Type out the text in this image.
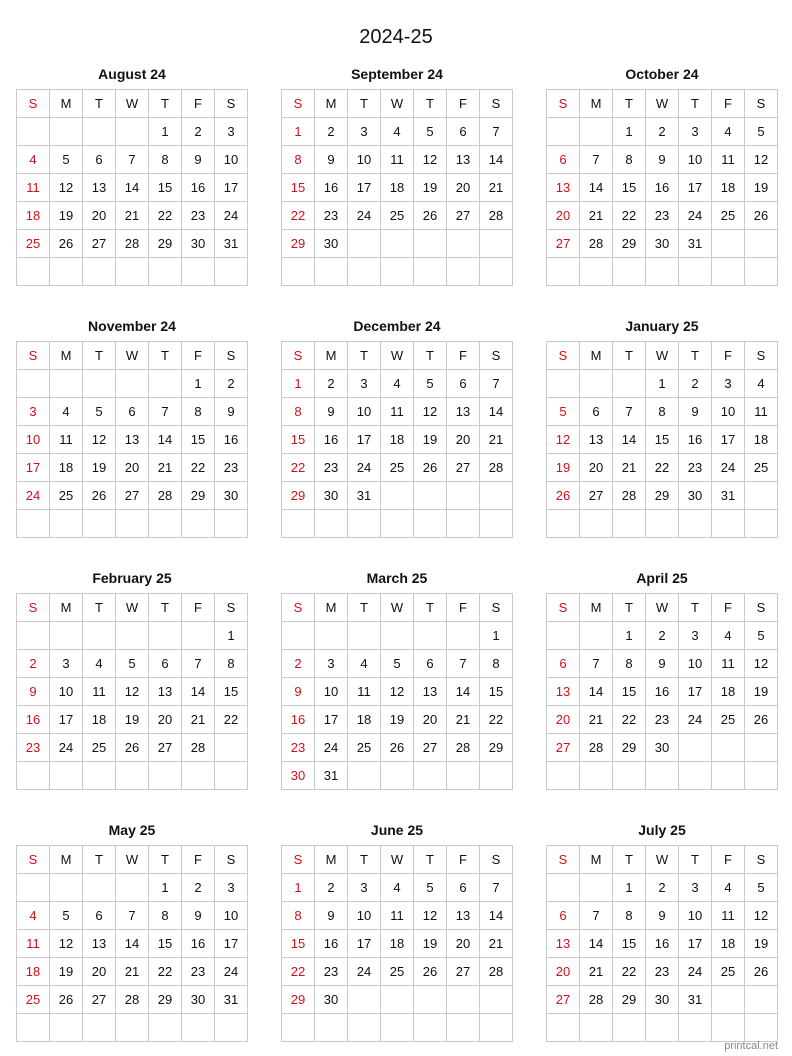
2024-25
August 24
S	M	T	W	T	F	S
				1	2	3
4	5	6	7	8	9	10
11	12	13	14	15	16	17
18	19	20	21	22	23	24
25	26	27	28	29	30	31

September 24
S	M	T	W	T	F	S
1	2	3	4	5	6	7
8	9	10	11	12	13	14
15	16	17	18	19	20	21
22	23	24	25	26	27	28
29	30					

October 24
S	M	T	W	T	F	S
		1	2	3	4	5
6	7	8	9	10	11	12
13	14	15	16	17	18	19
20	21	22	23	24	25	26
27	28	29	30	31		

November 24
S	M	T	W	T	F	S
					1	2
3	4	5	6	7	8	9
10	11	12	13	14	15	16
17	18	19	20	21	22	23
24	25	26	27	28	29	30

December 24
S	M	T	W	T	F	S
1	2	3	4	5	6	7
8	9	10	11	12	13	14
15	16	17	18	19	20	21
22	23	24	25	26	27	28
29	30	31				

January 25
S	M	T	W	T	F	S
			1	2	3	4
5	6	7	8	9	10	11
12	13	14	15	16	17	18
19	20	21	22	23	24	25
26	27	28	29	30	31	

February 25
S	M	T	W	T	F	S
						1
2	3	4	5	6	7	8
9	10	11	12	13	14	15
16	17	18	19	20	21	22
23	24	25	26	27	28	

March 25
S	M	T	W	T	F	S
						1
2	3	4	5	6	7	8
9	10	11	12	13	14	15
16	17	18	19	20	21	22
23	24	25	26	27	28	29
30	31					
April 25
S	M	T	W	T	F	S
		1	2	3	4	5
6	7	8	9	10	11	12
13	14	15	16	17	18	19
20	21	22	23	24	25	26
27	28	29	30			

May 25
S	M	T	W	T	F	S
				1	2	3
4	5	6	7	8	9	10
11	12	13	14	15	16	17
18	19	20	21	22	23	24
25	26	27	28	29	30	31

June 25
S	M	T	W	T	F	S
1	2	3	4	5	6	7
8	9	10	11	12	13	14
15	16	17	18	19	20	21
22	23	24	25	26	27	28
29	30					

July 25
S	M	T	W	T	F	S
		1	2	3	4	5
6	7	8	9	10	11	12
13	14	15	16	17	18	19
20	21	22	23	24	25	26
27	28	29	30	31		

printcal.net
